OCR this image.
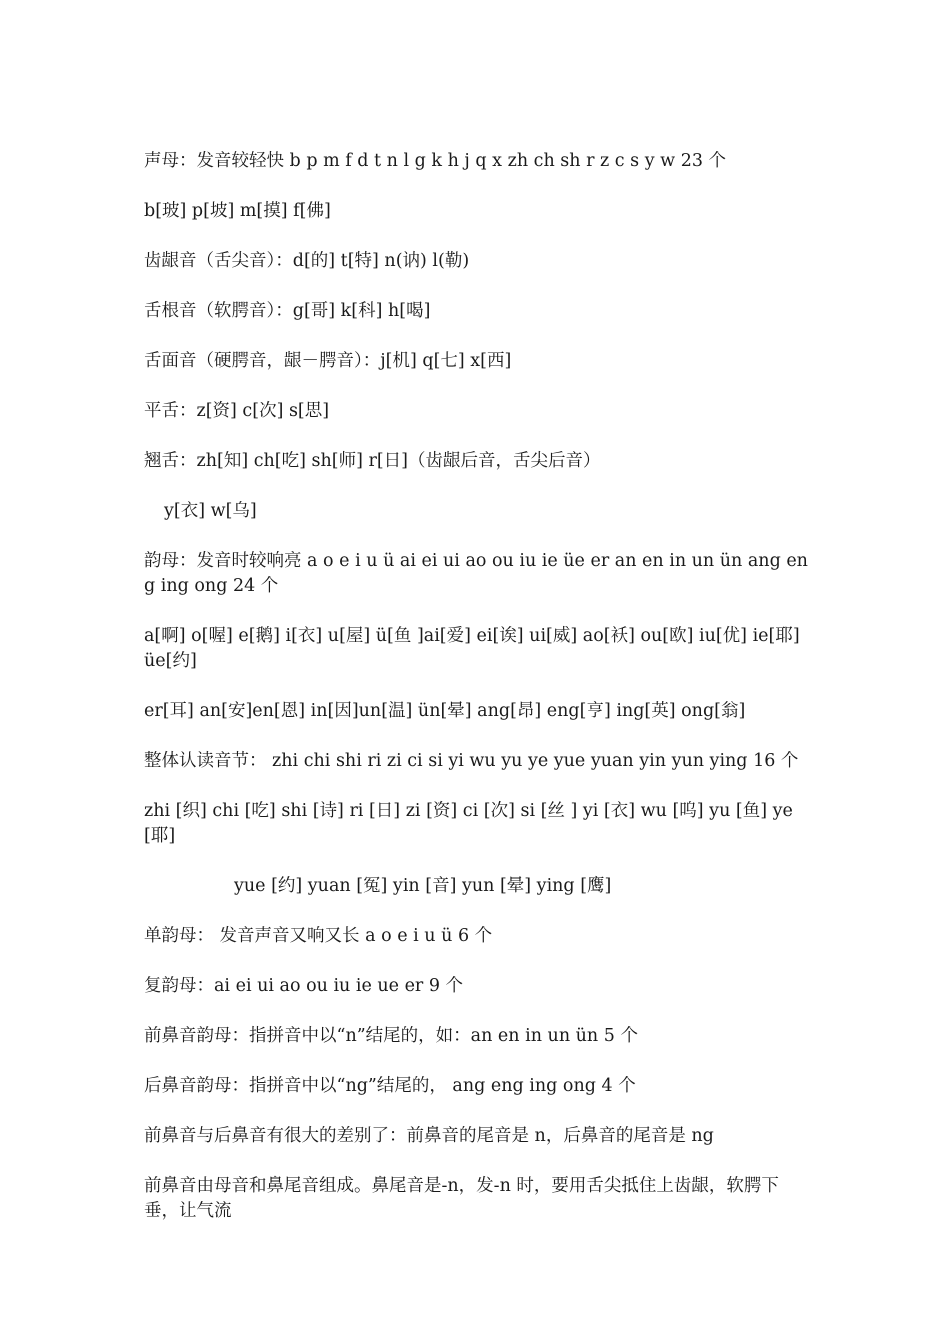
声母：发音较轻快 b p m f d t n l g k h j q x zh ch sh r z c s y w 23 个
b[玻] p[坡] m[摸] f[佛]
齿龈音（舌尖音）：d[的] t[特] n(讷) l(勒)
舌根音（软腭音）：g[哥] k[科] h[喝]
舌面音（硬腭音，龈－腭音）：j[机] q[七] x[西]
平舌：z[资] c[次] s[思]
翘舌：zh[知] ch[吃] sh[师] r[日]（齿龈后音，舌尖后音）
y[衣] w[乌]
韵母：发音时较响亮 a o e i u ü ai ei ui ao ou iu ie üe er an en in un ün ang eng ing ong 24 个
a[啊] o[喔] e[鹅] i[衣] u[屋] ü[鱼 ]ai[爱] ei[诶] ui[威] ao[袄] ou[欧] iu[优] ie[耶] üe[约]
er[耳] an[安]en[恩] in[因]un[温] ün[晕] ang[昂] eng[亨] ing[英] ong[翁]
整体认读音节： zhi chi shi ri zi ci si yi wu yu ye yue yuan yin yun ying 16 个
zhi [织] chi [吃] shi [诗] ri [日] zi [资] ci [次] si [丝 ] yi [衣] wu [呜] yu [鱼] ye [耶]
yue [约] yuan [冤] yin [音] yun [晕] ying [鹰]
单韵母： 发音声音又响又长 a o e i u ü 6 个
复韵母：ai ei ui ao ou iu ie ue er 9 个
前鼻音韵母：指拼音中以“n”结尾的，如：an en in un ün 5 个
后鼻音韵母：指拼音中以“ng”结尾的， ang eng ing ong 4 个
前鼻音与后鼻音有很大的差别了：前鼻音的尾音是 n，后鼻音的尾音是 ng
前鼻音由母音和鼻尾音组成。鼻尾音是-n，发-n 时，要用舌尖抵住上齿龈，软腭下垂，让气流
